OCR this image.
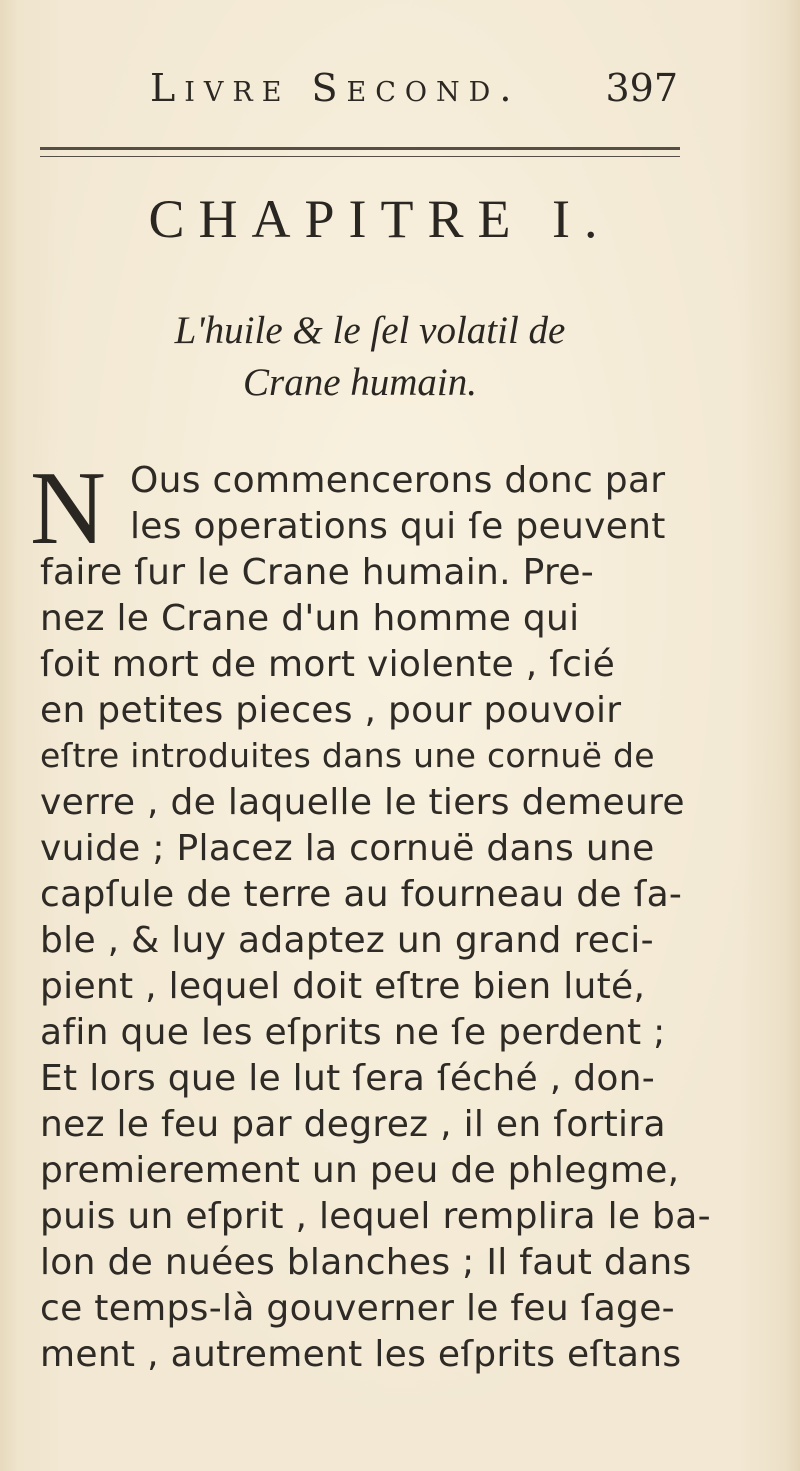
Livre Second. 397
CHAPITRE I.
L'huile & le ſel volatil de
Crane humain.
N Ous commencerons donc par
les operations qui ſe peuvent
faire ſur le Crane humain. Pre-
nez le Crane d'un homme qui
ſoit mort de mort violente , ſcié
en petites pieces , pour pouvoir
eſtre introduites dans une cornuë de
verre , de laquelle le tiers demeure
vuide ; Placez la cornuë dans une
capſule de terre au fourneau de ſa-
ble , & luy adaptez un grand reci-
pient , lequel doit eſtre bien luté,
afin que les eſprits ne ſe perdent ;
Et lors que le lut ſera ſéché , don-
nez le feu par degrez , il en ſortira
premierement un peu de phlegme,
puis un eſprit , lequel remplira le ba-
lon de nuées blanches ; Il faut dans
ce temps-là gouverner le feu ſage-
ment , autrement les eſprits eſtans
